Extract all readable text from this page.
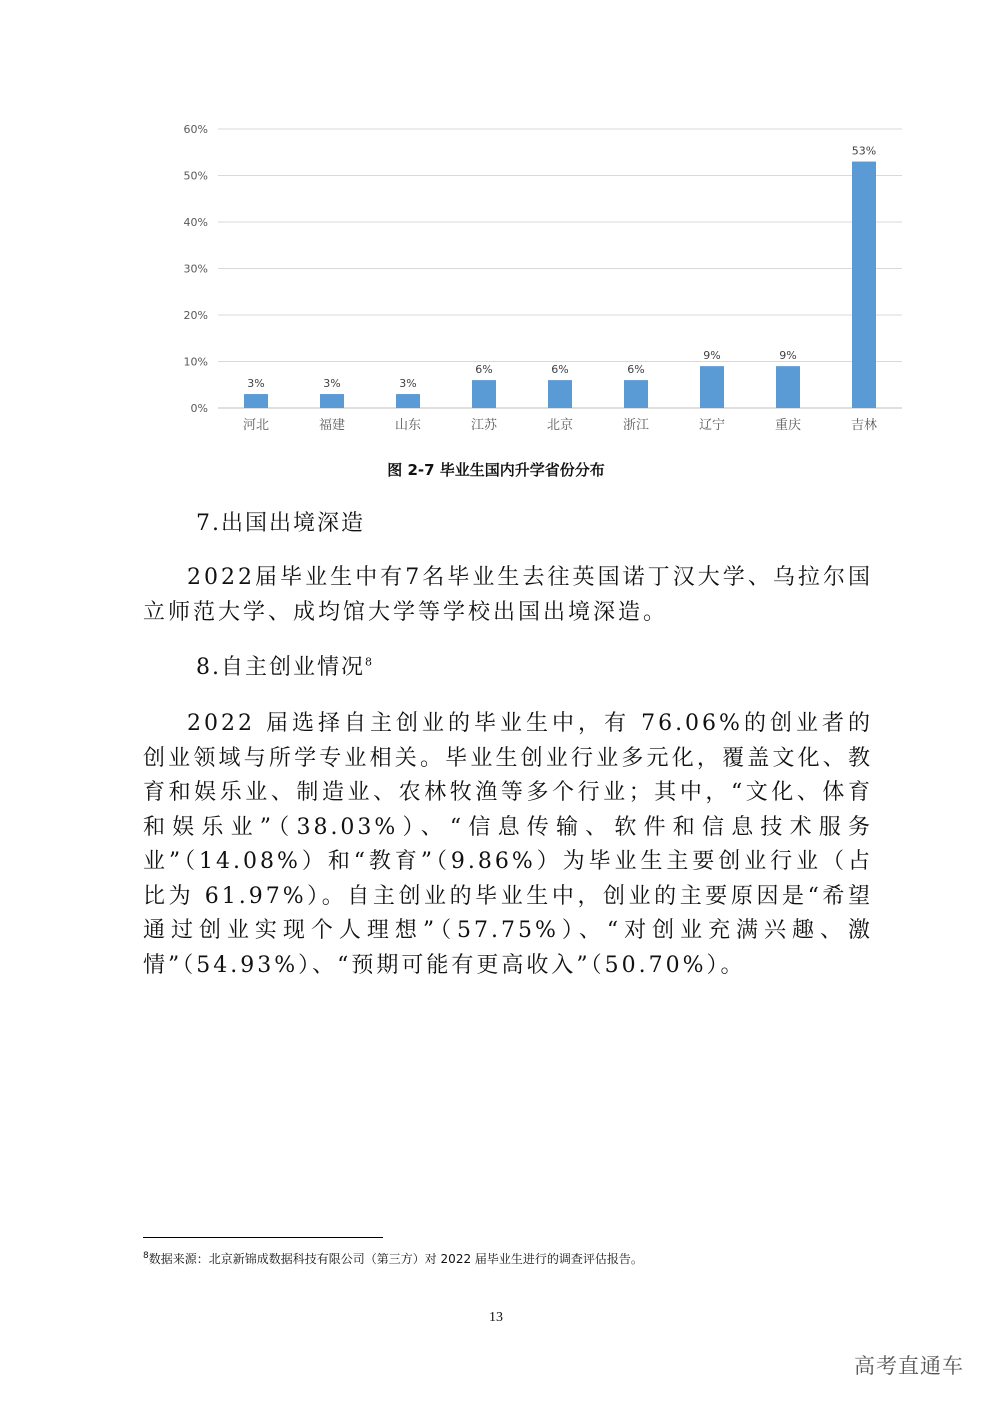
0%
10%
20%
30%
40%
50%
60%
3%
河北
3%
福建
3%
山东
6%
江苏
6%
北京
6%
浙江
9%
辽宁
9%
重庆
53%
吉林
图 2-7 毕业生国内升学省份分布
7.出国出境深造

2022届毕业生中有7名毕业生去往英国诺丁汉大学、乌拉尔国立师范大学、成均馆大学等学校出国出境深造。

8.自主创业情况$^8$

2022 届选择自主创业的毕业生中，有 76.06%的创业者的创业领域与所学专业相关。毕业生创业行业多元化，覆盖文化、教育和娱乐业、制造业、农林牧渔等多个行业；其中，“文化、体育和娱乐业”（38.03%）、“信息传输、软件和信息技术服务业”（14.08%）和“教育”（9.86%）为毕业生主要创业行业（占比为 61.97%）。自主创业的毕业生中，创业的主要原因是“希望通过创业实现个人理想”（57.75%）、“对创业充满兴趣、激情”（54.93%）、“预期可能有更高收入”（50.70%）。

$^8$数据来源：北京新锦成数据科技有限公司（第三方）对 2022 届毕业生进行的调查评估报告。
13
高考直通车
